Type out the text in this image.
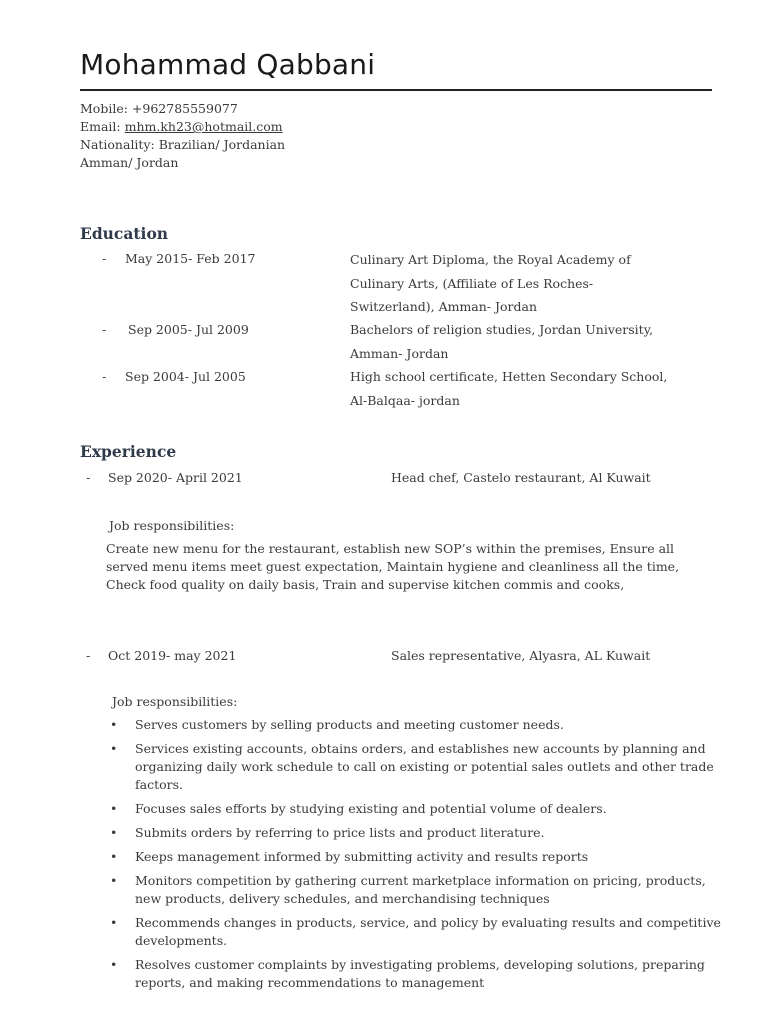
Mohammad Qabbani
Mobile: +962785559077
Email: mhm.kh23@hotmail.com
Nationality: Brazilian/ Jordanian
Amman/ Jordan
Education
- May 2015- Feb 2017	Culinary Art Diploma, the Royal Academy of
Culinary Arts, (Affiliate of Les Roches-
Switzerland), Amman- Jordan
- Sep 2005- Jul 2009	Bachelors of religion studies, Jordan University,
Amman- Jordan
- Sep 2004- Jul 2005	High school certificate, Hetten Secondary School,
Al-Balqaa- jordan
Experience
- Sep 2020- April 2021	Head chef, Castelo restaurant, Al Kuwait
Job responsibilities:
Create new menu for the restaurant, establish new SOP’s within the premises, Ensure all
served menu items meet guest expectation, Maintain hygiene and cleanliness all the time,
Check food quality on daily basis, Train and supervise kitchen commis and cooks,
- Oct 2019- may 2021	Sales representative, Alyasra, AL Kuwait
Job responsibilities:
• Serves customers by selling products and meeting customer needs.
• Services existing accounts, obtains orders, and establishes new accounts by planning and organizing daily work schedule to call on existing or potential sales outlets and other trade factors.
• Focuses sales efforts by studying existing and potential volume of dealers.
• Submits orders by referring to price lists and product literature.
• Keeps management informed by submitting activity and results reports
• Monitors competition by gathering current marketplace information on pricing, products, new products, delivery schedules, and merchandising techniques
• Recommends changes in products, service, and policy by evaluating results and competitive developments.
• Resolves customer complaints by investigating problems, developing solutions, preparing reports, and making recommendations to management
